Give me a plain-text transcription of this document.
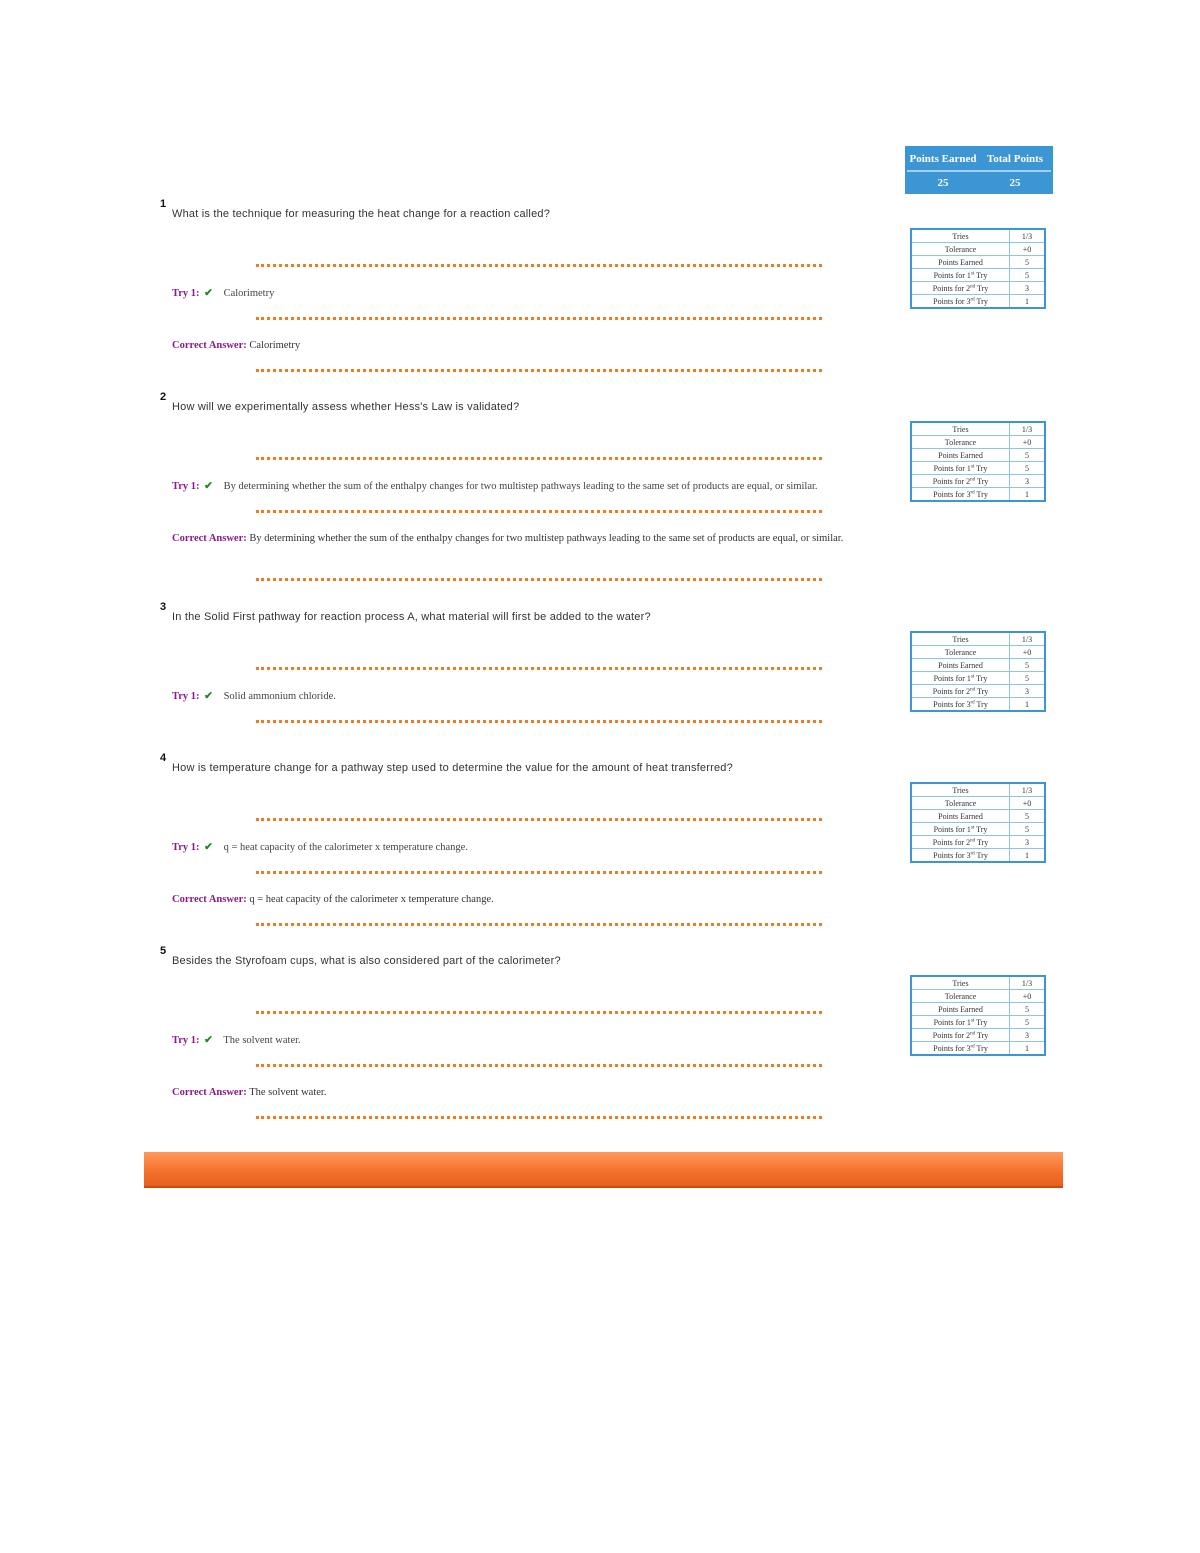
Points Earned Total Points
25	25
1
What is the technique for measuring the heat change for a reaction called?
Try 1: ✔ Calorimetry
Correct Answer: Calorimetry
Tries	1/3
Tolerance	+0
Points Earned	5
Points for 1st Try	5
Points for 2nd Try	3
Points for 3rd Try	1
2
How will we experimentally assess whether Hess's Law is validated?
Try 1: ✔ By determining whether the sum of the enthalpy changes for two multistep pathways leading to the same set of products are equal, or similar.
Correct Answer: By determining whether the sum of the enthalpy changes for two multistep pathways leading to the same set of products are equal, or similar.
Tries	1/3
Tolerance	+0
Points Earned	5
Points for 1st Try	5
Points for 2nd Try	3
Points for 3rd Try	1
3
In the Solid First pathway for reaction process A, what material will first be added to the water?
Try 1: ✔ Solid ammonium chloride.
Tries	1/3
Tolerance	+0
Points Earned	5
Points for 1st Try	5
Points for 2nd Try	3
Points for 3rd Try	1
4
How is temperature change for a pathway step used to determine the value for the amount of heat transferred?
Try 1: ✔ q = heat capacity of the calorimeter x temperature change.
Correct Answer: q = heat capacity of the calorimeter x temperature change.
Tries	1/3
Tolerance	+0
Points Earned	5
Points for 1st Try	5
Points for 2nd Try	3
Points for 3rd Try	1
5
Besides the Styrofoam cups, what is also considered part of the calorimeter?
Try 1: ✔ The solvent water.
Correct Answer: The solvent water.
Tries	1/3
Tolerance	+0
Points Earned	5
Points for 1st Try	5
Points for 2nd Try	3
Points for 3rd Try	1
